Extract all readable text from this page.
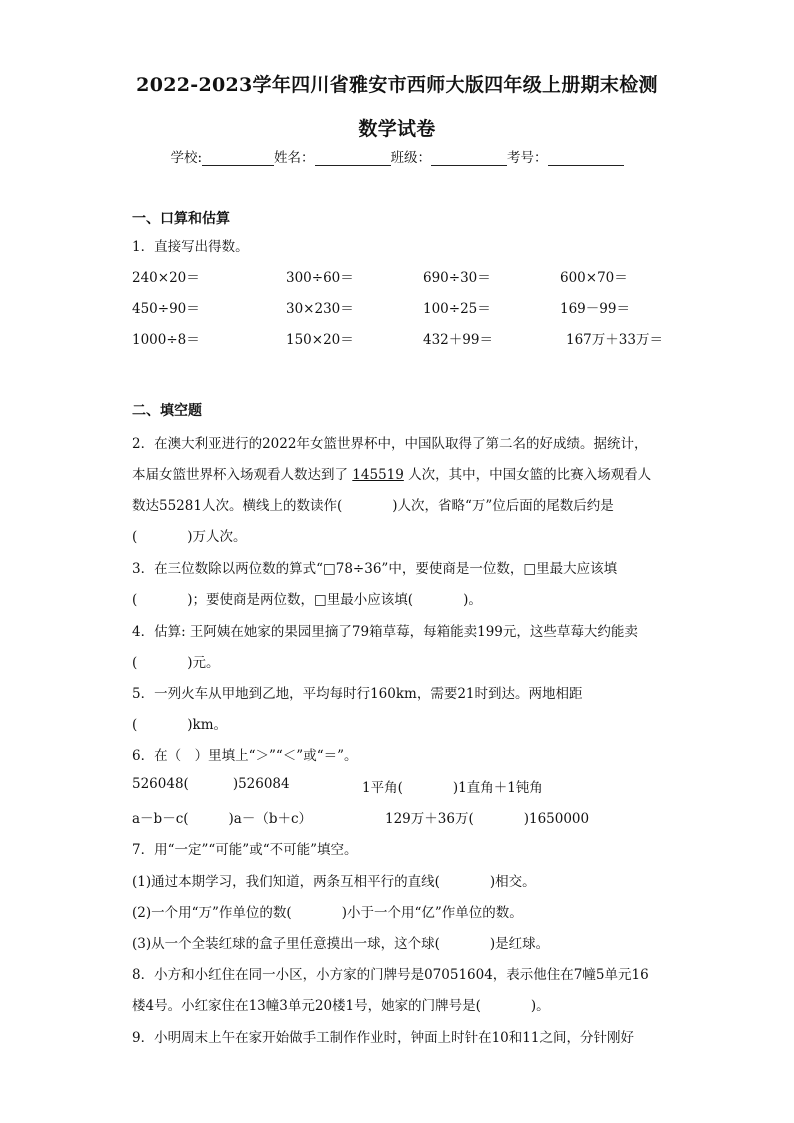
2022-2023学年四川省雅安市西师大版四年级上册期末检测
数学试卷
学校:	姓名：	班级：	考号：
一、口算和估算
1．直接写出得数。
240×20＝	300÷60＝	690÷30＝	600×70＝
450÷90＝	30×230＝	100÷25＝	169－99＝
1000÷8＝	150×20＝	432＋99＝	167万＋33万＝
二、填空题
2．在澳大利亚进行的2022年女篮世界杯中，中国队取得了第二名的好成绩。据统计，
本届女篮世界杯入场观看人数达到了 145519 人次，其中，中国女篮的比赛入场观看人
数达55281人次。横线上的数读作(	)人次，省略“万”位后面的尾数后约是
(	)万人次。
3．在三位数除以两位数的算式“□78÷36”中，要使商是一位数，□里最大应该填
(	)；要使商是两位数，□里最小应该填(	)。
4．估算: 王阿姨在她家的果园里摘了79箱草莓，每箱能卖199元，这些草莓大约能卖
(	)元。
5．一列火车从甲地到乙地，平均每时行160km，需要21时到达。两地相距
(	)km。
6．在（　）里填上“＞”“＜”或“＝”。
526048(	)526084	1平角(	)1直角＋1钝角
a－b－c(	)a－（b＋c）	129万＋36万(	)1650000
7．用“一定”“可能”或“不可能”填空。
(1)通过本期学习，我们知道，两条互相平行的直线(	)相交。
(2)一个用“万”作单位的数(	)小于一个用“亿”作单位的数。
(3)从一个全装红球的盒子里任意摸出一球，这个球(	)是红球。
8．小方和小红住在同一小区，小方家的门牌号是07051604，表示他住在7幢5单元16
楼4号。小红家住在13幢3单元20楼1号，她家的门牌号是(	)。
9．小明周末上午在家开始做手工制作作业时，钟面上时针在10和11之间，分针刚好
